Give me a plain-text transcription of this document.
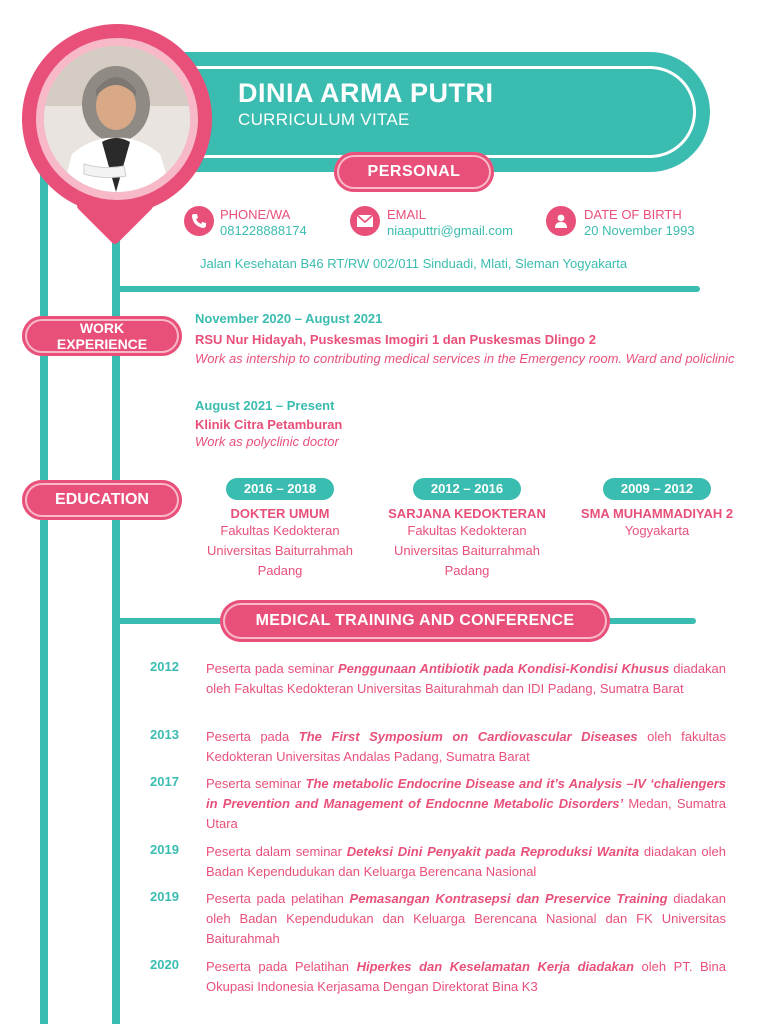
DINIA ARMA PUTRI
CURRICULUM VITAE
PERSONAL
PHONE/WA
081228888174
EMAIL
niaaputtri@gmail.com
DATE OF BIRTH
20 November 1993
Jalan Kesehatan B46 RT/RW 002/011 Sinduadi, Mlati, Sleman Yogyakarta
WORK
EXPERIENCE
November 2020 – August 2021
RSU Nur Hidayah, Puskesmas Imogiri 1 dan Puskesmas Dlingo 2
Work as intership to contributing medical services in the Emergency room. Ward and policlinic
August 2021 – Present
Klinik Citra Petamburan
Work as polyclinic doctor
EDUCATION
2016 – 2018
DOKTER UMUM
Fakultas Kedokteran
Universitas Baiturrahmah
Padang
2012 – 2016
SARJANA KEDOKTERAN
Fakultas Kedokteran
Universitas Baiturrahmah
Padang
2009 – 2012
SMA MUHAMMADIYAH 2
Yogyakarta
MEDICAL TRAINING AND CONFERENCE
2012 Peserta pada seminar Penggunaan Antibiotik pada Kondisi-Kondisi Khusus diadakan oleh Fakultas Kedokteran Universitas Baiturahmah dan IDI Padang, Sumatra Barat
2013 Peserta pada The First Symposium on Cardiovascular Diseases oleh fakultas Kedokteran Universitas Andalas Padang, Sumatra Barat
2017 Peserta seminar The metabolic Endocrine Disease and it’s Analysis –IV ‘chaliengers in Prevention and Management of Endocnne Metabolic Disorders’ Medan, Sumatra Utara
2019 Peserta dalam seminar Deteksi Dini Penyakit pada Reproduksi Wanita diadakan oleh Badan Kependudukan dan Keluarga Berencana Nasional
2019 Peserta pada pelatihan Pemasangan Kontrasepsi dan Preservice Training diadakan oleh Badan Kependudukan dan Keluarga Berencana Nasional dan FK Universitas Baiturahmah
2020 Peserta pada Pelatihan Hiperkes dan Keselamatan Kerja diadakan oleh PT. Bina Okupasi Indonesia Kerjasama Dengan Direktorat Bina K3
